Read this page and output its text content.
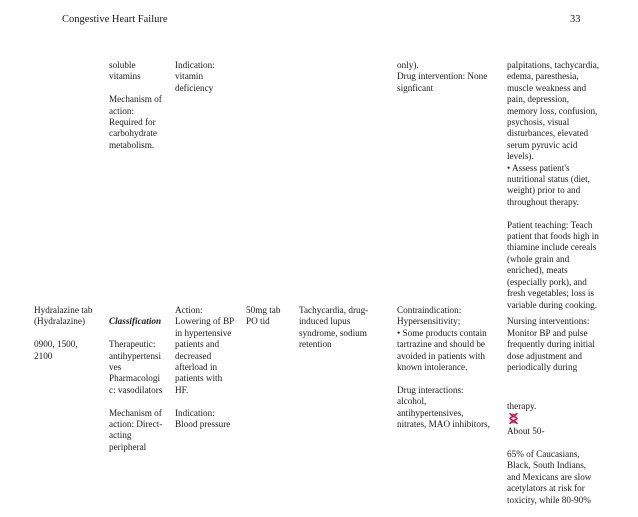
Congestive Heart Failure	33
soluble
vitamins
Mechanism of
action:
Required for
carbohydrate
metabolism.
Indication:
vitamin
deficiency
only).
Drug intervention: None
signficant
palpitations, tachycardia,
edema, paresthesia,
muscle weakness and
pain, depression,
memory loss, confusion,
psychosis, visual
disturbances, elevated
serum pyruvic acid
levels).
• Assess patient's
nutritional status (diet,
weight) prior to and
throughout therapy.
Patient teaching: Teach
patient that foods high in
thiamine include cereals
(whole grain and
enriched), meats
(especially pork), and
fresh vegetables; loss is
variable during cooking.
Hydralazine tab
(Hydralazine)
0900, 1500,
2100

Classification

Therapeutic:
antihypertensi
ves
Pharmacologi
c: vasodilators
Mechanism of
action: Direct-
acting
peripheral

Action:
Lowering of BP
in hypertensive
patients and
decreased
afterload in
patients with
HF.
Indication:
Blood pressure
50mg tab
PO tid
Tachycardia, drug-
induced lupus
syndrome, sodium
retention
Contraindication:
Hypersensitivity;
• Some products contain
tartrazine and should be
avoided in patients with
known intolerance.
Drug interactions:
alcohol,
antihypertensives,
nitrates, MAO inhibitors,

Nursing interventions:
Monitor BP and pulse
frequently during initial
dose adjustment and
periodically during

therapy.

About 50-

65% of Caucasians,
Black, South Indians,
and Mexicans are slow
acetylators at risk for
toxicity, while 80-90%
